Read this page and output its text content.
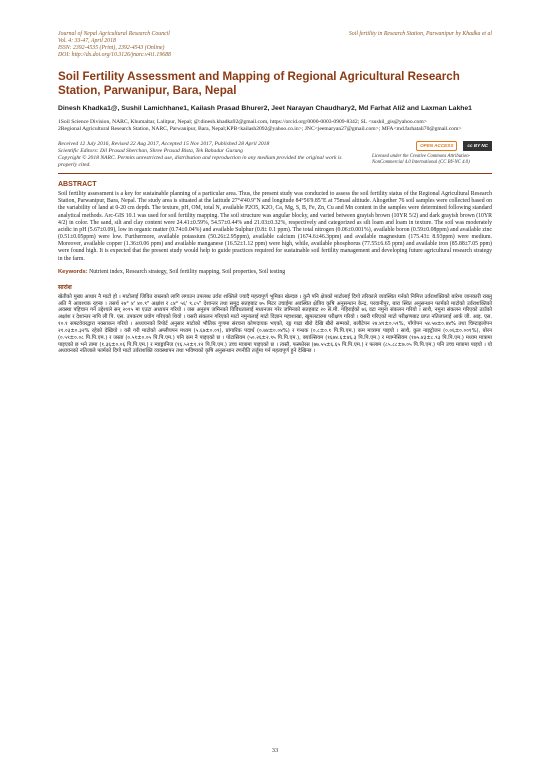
Journal of Nepal Agricultural Research Council
Vol. 4: 33-47, April 2018
ISSN: 2392-4535 (Print), 2392-4543 (Online)
DOI: http://dx.doi.org/10.3126/jnarc.v4i1.19688
Soil fertility in Research Station, Parwanipur by Khadka et al
Soil Fertility Assessment and Mapping of Regional Agricultural Research Station, Parwanipur, Bara, Nepal
Dinesh Khadka1@, Sushil Lamichhane1, Kailash Prasad Bhurer2, Jeet Narayan Chaudhary2, Md Farhat Ali2 and Laxman Lakhe1
1Soil Science Division, NARC, Khumaltar, Lalitpur, Nepal; @:dinesh.khadka92@gmail.com, https://orcid.org/0000-0003-0909-8342; SL <sushil_gis@yahoo.com>
2Regional Agricultural Research Station, NARC, Parwanipur, Bara, Nepal;KPB<kailash2092@yahoo.co.in>; JNC<jeetnaryan27@gmail.com>; MFA<md.farhatali70@gmail.com>
Received 12 July 2016, Revised 22 Aug 2017, Accepted 15 Nov 2017, Published 28 April 2018
Scientific Editors: Dil Prasad Sherchan, Shree Prasad Bista, Tek Bahadur Gurung
Copyright © 2018 NARC. Permits unrestricted use, distribution and reproduction in any medium provided the original work is properly cited.
OPEN ACCESS	cc BY NC
Licensed under the Creative Commons Attribution-NonCommercial 4.0 International (CC BY-NC 4.0)
ABSTRACT
Soil fertility assessment is a key for sustainable planning of a particular area. Thus, the present study was conducted to assess the soil fertility status of the Regional Agricultural Research Station, Parwanipur, Bara, Nepal. The study area is situated at the latitude 27°4'40.9"N and longitude 84°56'9.85"E at 75masl altitude. Altogether 76 soil samples were collected based on the variability of land at 0-20 cm depth. The texture, pH, OM, total N, available P2O5, K2O, Ca, Mg, S, B, Fe, Zn, Cu and Mn content in the samples were determined following standard analytical methods. Arc-GIS 10.1 was used for soil fertility mapping. The soil structure was angular blocky, and varied between grayish brown (10YR 5/2) and dark grayish brown (10YR 4/2) in color. The sand, silt and clay content were 24.41±0.59%, 54.57±0.44% and 21.03±0.32%, respectively and categorized as silt loam and loam in texture. The soil was moderately acidic in pH (5.67±0.09), low in organic matter (0.74±0.04%) and available Sulphur (0.8± 0.1 ppm). The total nitrogen (0.06±0.001%), available boron (0.59±0.08ppm) and available zinc (0.51±0.05ppm) were low. Furthermore, available potassium (50.26±2.95ppm), available calcium (1674.6±46.3ppm) and available magnesium (175.43± 8.93ppm) were medium. Moreover, available copper (1.36±0.06 ppm) and available manganese (16.52±1.12 ppm) were high, while, available phosphorus (77.55±6.65 ppm) and available iron (85.88±7.05 ppm) were found high. It is expected that the present study would help to guide practices required for sustainable soil fertility management and developing future agricultural research strategy in the farm.
Keywords: Nutrient index, Research strategy, Soil fertility mapping, Soil properties, Soil testing
सारांश
खेतीको मुख्य आधार नै माटो हो । माटोलाई जिवित राख्नको लागि लगाउन उपलब्ध उर्वरा शक्तिले ज्यादै महत्वपूर्ण भूमिका खेल्दछ । कुनै पनि क्षेत्रको माटोलाई दिगो तरिकाले व्यवस्थित गर्नको निमित्त उर्वराशक्तिको बारेमा जानकारी राख्नु अति नै आवश्यक रहन्छ । तसर्थ २७° ४' ४०.९" अक्षांश र ८४° ५६' ९.८५" देशान्तर तथा समुद्र सतहबाट ७५ मिटर उचाईमा अवस्थित क्षेत्रिय कृषि अनुसन्धान केन्द्र, परवानीपुर, बारा स्थित अनुसन्धान फार्मको माटोको उर्वराशक्तिको अवस्था पहिचान गर्ने उद्देश्यले सन् २०१५ मा एउटा अध्ययन गरियो । जस अनुरुप जमिनको विविधतालाई मध्यनजर गरेर जमिनको सतहबाट २० से.मी. गहिराईको ७६ वटा नमुना संकलन गरियो । साथै, नमुना संकलन गरिएको ठाउँको अक्षांश र देशान्तर नापि ली पि. एस. उपकरण प्रयोग गरिएको थियो । यसरी संकलन गरिएको माटो नमुनालाई माटो विज्ञान महाशाखा, खुमलटारमा परीक्षण गरियो । यसरी गरिएको माटो परीक्षणबाट प्राप्त नतिजालाई आर्क जी. आइ. एस. १०.१ सफ्टवेयरद्वारा नक्साकन गरियो । अध्ययनको रिपोर्ट अनुसार माटोको भौतिक गुणमा संरचना कोणदायक भएको, रङ्ग गाढा खैरो देखि खैरो सम्मको, बलौटेपन २४.४१±०.५९%, पाँगोपन ५४.५७±०.४४% तथा चिम्टाइलोपन २१.०३±०.३२% रहेको देखियो । यसै गरी माटोको अम्लीयपन मध्यम (५.६७±०.०९), प्रांगारिक पदार्थ (०.७४±०.०४%) र गन्धक (०.८±०.१ पि.पि.एम.) कम मात्रामा पाइयो । साथै, कुल नाइट्रोजन (०.०६±०.००१%), बोरन (०.५९±०.०८ पि.पि.एम.) र जस्ता (०.५१±०.०५ पि.पि.एम.) पनि कम नै पाइएको छ । पोटासियम (५०.२६±२.९५ पि.पि.एम.), क्याल्सियम (१६७४.६±४६.३ पि.पि.एम.) र म्याग्नेसियम (१७५.४३±८.९३ पि.पि.एम.) मध्यम मात्रामा पाइएको छ भने तामा (१.३६±०.०६ पि.पि.एम.) र म्याङ्गानिज (१६.५२±१.१२ पि.पि.एम.) उच्च मात्रामा पाइएको छ । त्यस्तै, फस्फोरस (७७.५५±६.६५ पि.पि.एम.) र फलाम (८५.८८±७.०५ पि.पि.एम.) पनि उच्च मात्रामा पाइयो । यो अध्ययनको नतिजाले फार्मको दिगो माटो उर्वराशक्ति व्यवस्थापन तथा भविष्यको कृषि अनुसन्धान रणनीति तर्जुमा गर्न महत्वपूर्ण हुने देखिन्छ ।
33
